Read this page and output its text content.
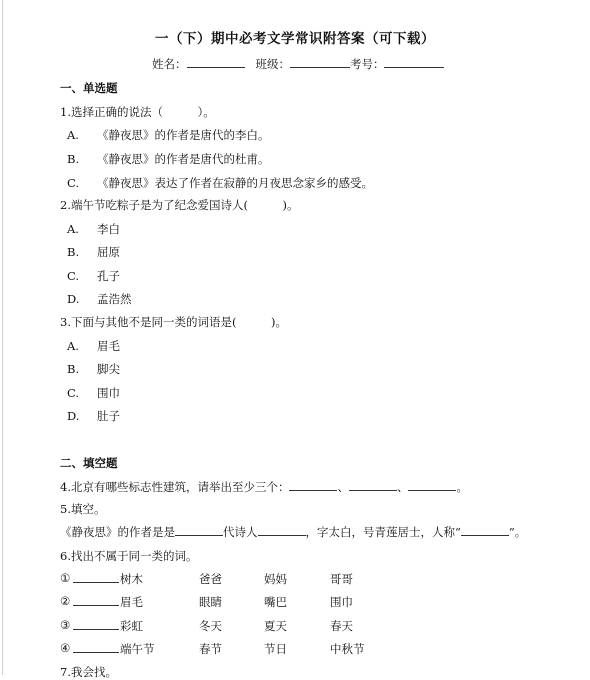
一（下）期中必考文学常识附答案（可下载）
姓名：	班级：	考号：
一、单选题
1.选择正确的说法（　　　）。
A. 《静夜思》的作者是唐代的李白。
B. 《静夜思》的作者是唐代的杜甫。
C. 《静夜思》表达了作者在寂静的月夜思念家乡的感受。
2.端午节吃粽子是为了纪念爱国诗人(　　　)。
A. 李白
B. 屈原
C. 孔子
D. 孟浩然
3.下面与其他不是同一类的词语是(　　　)。
A. 眉毛
B. 脚尖
C. 围巾
D. 肚子
二、填空题
4.北京有哪些标志性建筑，请举出至少三个：	、	、	。
5.填空。
《静夜思》的作者是是	代诗人	，字太白，号青莲居士，人称“	”。
6.找出不属于同一类的词。
①	树木	爸爸	妈妈	哥哥
②	眉毛	眼睛	嘴巴	围巾
③	彩虹	冬天	夏天	春天
④	端午节	春节	节日	中秋节
7.我会找。
